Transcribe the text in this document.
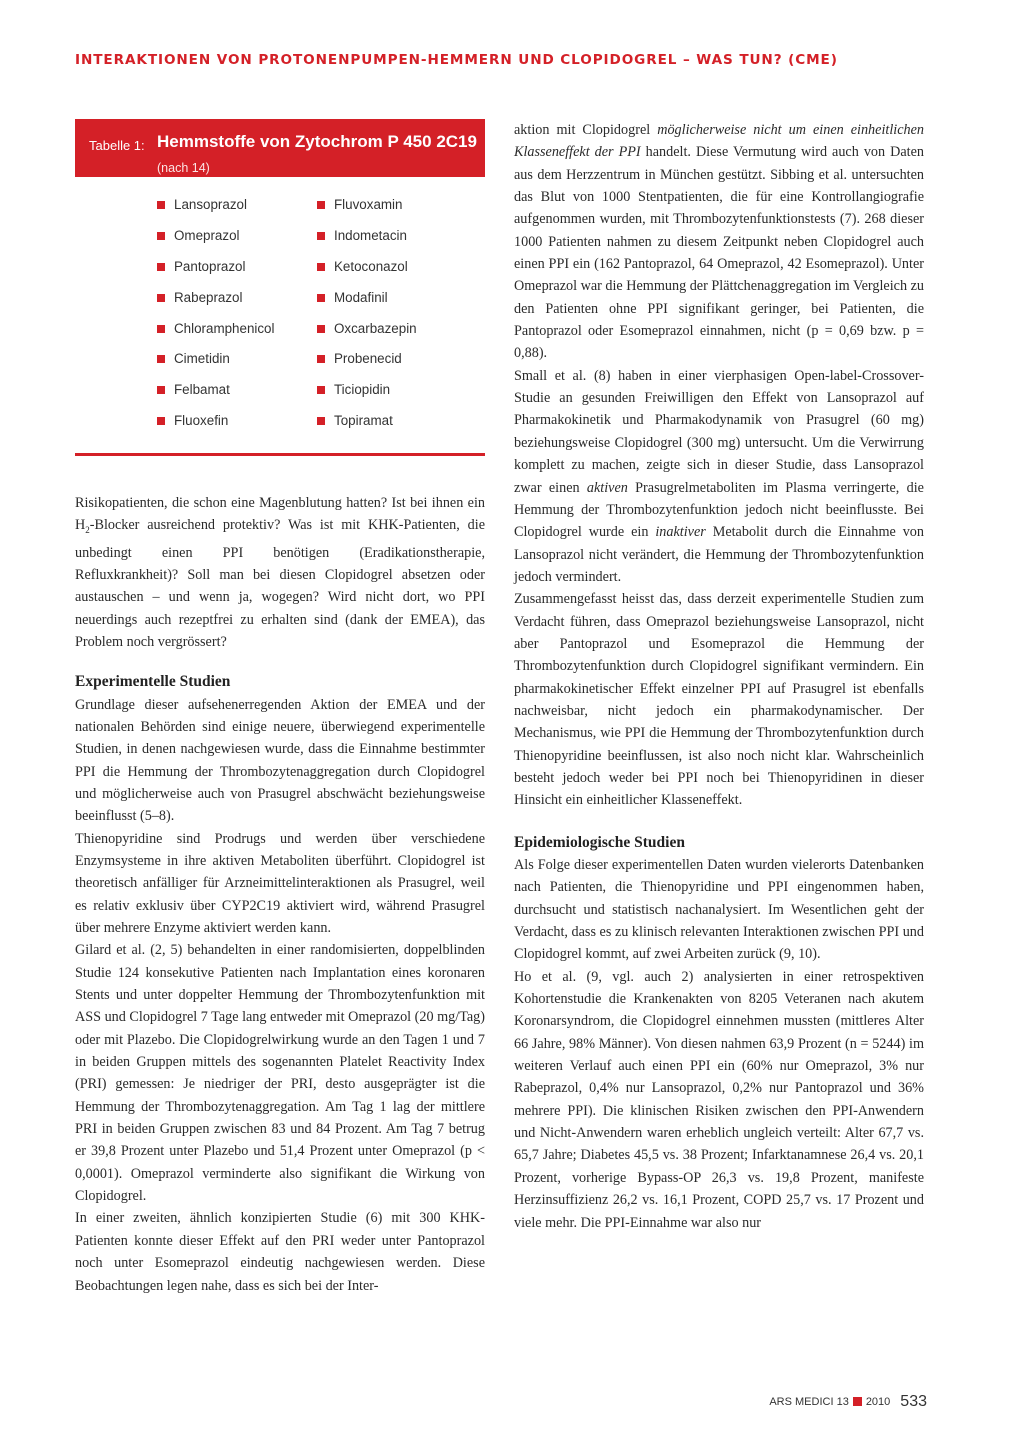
INTERAKTIONEN VON PROTONENPUMPEN-HEMMERN UND CLOPIDOGREL – WAS TUN? (CME)
Tabelle 1: Hemmstoffe von Zytochrom P 450 2C19
(nach 14)
Lansoprazol	Fluvoxamin
Omeprazol	Indometacin
Pantoprazol	Ketoconazol
Rabeprazol	Modafinil
Chloramphenicol	Oxcarbazepin
Cimetidin	Probenecid
Felbamat	Ticiopidin
Fluoxefin	Topiramat

Risikopatienten, die schon eine Magenblutung hatten? Ist bei ihnen ein $H_2$-Blocker ausreichend protektiv? Was ist mit KHK-Patienten, die unbedingt einen PPI benötigen (Eradikationstherapie, Refluxkrankheit)? Soll man bei diesen Clopidogrel absetzen oder austauschen – und wenn ja, wogegen? Wird nicht dort, wo PPI neuerdings auch rezeptfrei zu erhalten sind (dank der EMEA), das Problem noch vergrössert?

Experimentelle Studien

Grundlage dieser aufsehenerregenden Aktion der EMEA und der nationalen Behörden sind einige neuere, überwiegend experimentelle Studien, in denen nachgewiesen wurde, dass die Einnahme bestimmter PPI die Hemmung der Thrombozytenaggregation durch Clopidogrel und möglicherweise auch von Prasugrel abschwächt beziehungsweise beeinflusst (5–8).

Thienopyridine sind Prodrugs und werden über verschiedene Enzymsysteme in ihre aktiven Metaboliten überführt. Clopidogrel ist theoretisch anfälliger für Arzneimittelinteraktionen als Prasugrel, weil es relativ exklusiv über CYP2C19 aktiviert wird, während Prasugrel über mehrere Enzyme aktiviert werden kann.

Gilard et al. (2, 5) behandelten in einer randomisierten, doppelblinden Studie 124 konsekutive Patienten nach Implantation eines koronaren Stents und unter doppelter Hemmung der Thrombozytenfunktion mit ASS und Clopidogrel 7 Tage lang entweder mit Omeprazol (20 mg/Tag) oder mit Plazebo. Die Clopidogrelwirkung wurde an den Tagen 1 und 7 in beiden Gruppen mittels des sogenannten Platelet Reactivity Index (PRI) gemessen: Je niedriger der PRI, desto ausgeprägter ist die Hemmung der Thrombozytenaggregation. Am Tag 1 lag der mittlere PRI in beiden Gruppen zwischen 83 und 84 Prozent. Am Tag 7 betrug er 39,8 Prozent unter Plazebo und 51,4 Prozent unter Omeprazol (p < 0,0001). Omeprazol verminderte also signifikant die Wirkung von Clopidogrel.

In einer zweiten, ähnlich konzipierten Studie (6) mit 300 KHK-Patienten konnte dieser Effekt auf den PRI weder unter Pantoprazol noch unter Esomeprazol eindeutig nachgewiesen werden. Diese Beobachtungen legen nahe, dass es sich bei der Inter-

aktion mit Clopidogrel möglicherweise nicht um einen einheitlichen Klasseneffekt der PPI handelt. Diese Vermutung wird auch von Daten aus dem Herzzentrum in München gestützt. Sibbing et al. untersuchten das Blut von 1000 Stentpatienten, die für eine Kontrollangiografie aufgenommen wurden, mit Thrombozytenfunktionstests (7). 268 dieser 1000 Patienten nahmen zu diesem Zeitpunkt neben Clopidogrel auch einen PPI ein (162 Pantoprazol, 64 Omeprazol, 42 Esomeprazol). Unter Omeprazol war die Hemmung der Plättchenaggregation im Vergleich zu den Patienten ohne PPI signifikant geringer, bei Patienten, die Pantoprazol oder Esomeprazol einnahmen, nicht (p = 0,69 bzw. p = 0,88).

Small et al. (8) haben in einer vierphasigen Open-label-Crossover-Studie an gesunden Freiwilligen den Effekt von Lansoprazol auf Pharmakokinetik und Pharmakodynamik von Prasugrel (60 mg) beziehungsweise Clopidogrel (300 mg) untersucht. Um die Verwirrung komplett zu machen, zeigte sich in dieser Studie, dass Lansoprazol zwar einen aktiven Prasugrelmetaboliten im Plasma verringerte, die Hemmung der Thrombozytenfunktion jedoch nicht beeinflusste. Bei Clopidogrel wurde ein inaktiver Metabolit durch die Einnahme von Lansoprazol nicht verändert, die Hemmung der Thrombozytenfunktion jedoch vermindert.

Zusammengefasst heisst das, dass derzeit experimentelle Studien zum Verdacht führen, dass Omeprazol beziehungsweise Lansoprazol, nicht aber Pantoprazol und Esomeprazol die Hemmung der Thrombozytenfunktion durch Clopidogrel signifikant vermindern. Ein pharmakokinetischer Effekt einzelner PPI auf Prasugrel ist ebenfalls nachweisbar, nicht jedoch ein pharmakodynamischer. Der Mechanismus, wie PPI die Hemmung der Thrombozytenfunktion durch Thienopyridine beeinflussen, ist also noch nicht klar. Wahrscheinlich besteht jedoch weder bei PPI noch bei Thienopyridinen in dieser Hinsicht ein einheitlicher Klasseneffekt.

Epidemiologische Studien

Als Folge dieser experimentellen Daten wurden vielerorts Datenbanken nach Patienten, die Thienopyridine und PPI eingenommen haben, durchsucht und statistisch nachanalysiert. Im Wesentlichen geht der Verdacht, dass es zu klinisch relevanten Interaktionen zwischen PPI und Clopidogrel kommt, auf zwei Arbeiten zurück (9, 10).

Ho et al. (9, vgl. auch 2) analysierten in einer retrospektiven Kohortenstudie die Krankenakten von 8205 Veteranen nach akutem Koronarsyndrom, die Clopidogrel einnehmen mussten (mittleres Alter 66 Jahre, 98% Männer). Von diesen nahmen 63,9 Prozent (n = 5244) im weiteren Verlauf auch einen PPI ein (60% nur Omeprazol, 3% nur Rabeprazol, 0,4% nur Lansoprazol, 0,2% nur Pantoprazol und 36% mehrere PPI). Die klinischen Risiken zwischen den PPI-Anwendern und Nicht-Anwendern waren erheblich ungleich verteilt: Alter 67,7 vs. 65,7 Jahre; Diabetes 45,5 vs. 38 Prozent; Infarktanamnese 26,4 vs. 20,1 Prozent, vorherige Bypass-OP 26,3 vs. 19,8 Prozent, manifeste Herzinsuffizienz 26,2 vs. 16,1 Prozent, COPD 25,7 vs. 17 Prozent und viele mehr. Die PPI-Einnahme war also nur

ARS MEDICI 13 2010 533
